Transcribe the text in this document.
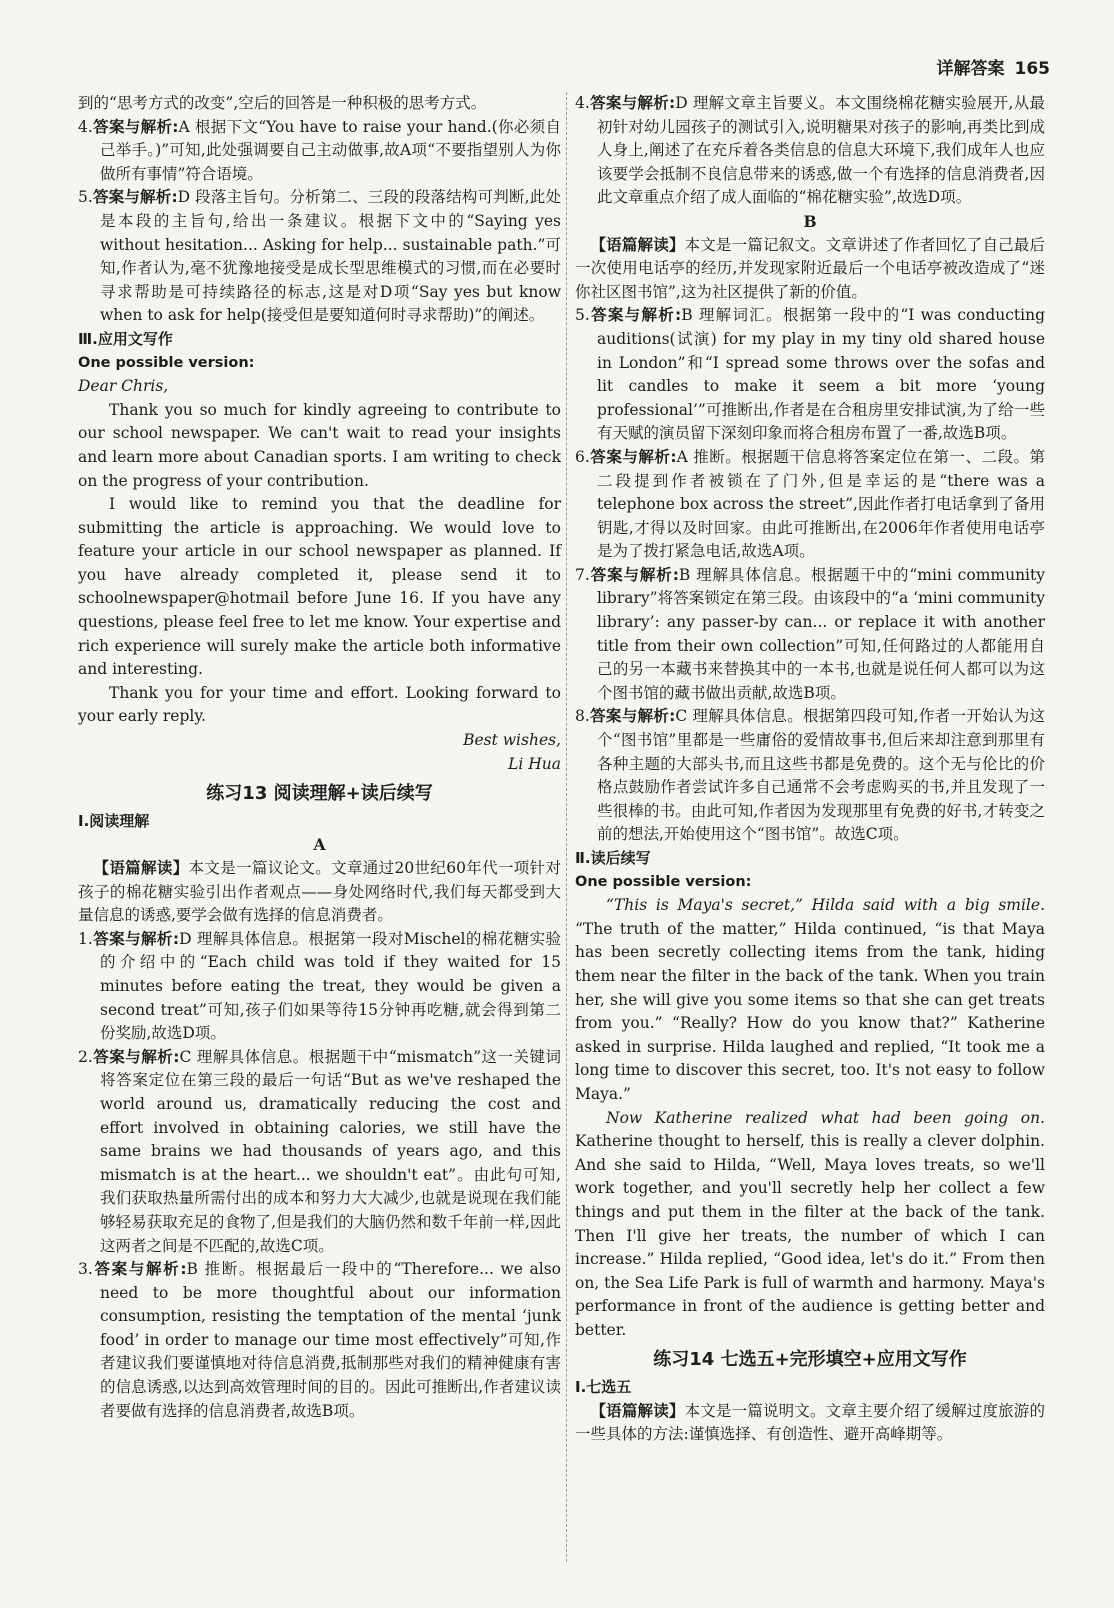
详解答案 165

到的“思考方式的改变”,空后的回答是一种积极的思考方式。

4.答案与解析:A 根据下文“You have to raise your hand.(你必须自己举手。)”可知,此处强调要自己主动做事,故A项“不要指望别人为你做所有事情”符合语境。

5.答案与解析:D 段落主旨句。分析第二、三段的段落结构可判断,此处是本段的主旨句,给出一条建议。根据下文中的“Saying yes without hesitation... Asking for help... sustainable path.”可知,作者认为,毫不犹豫地接受是成长型思维模式的习惯,而在必要时寻求帮助是可持续路径的标志,这是对D项“Say yes but know when to ask for help(接受但是要知道何时寻求帮助)”的阐述。

Ⅲ.应用文写作

One possible version:

Dear Chris,

Thank you so much for kindly agreeing to contribute to our school newspaper. We can't wait to read your insights and learn more about Canadian sports. I am writing to check on the progress of your contribution.

I would like to remind you that the deadline for submitting the article is approaching. We would love to feature your article in our school newspaper as planned. If you have already completed it, please send it to schoolnewspaper@hotmail before June 16. If you have any questions, please feel free to let me know. Your expertise and rich experience will surely make the article both informative and interesting.

Thank you for your time and effort. Looking forward to your early reply.

Best wishes,

Li Hua

练习13 阅读理解+读后续写

Ⅰ.阅读理解

A

【语篇解读】本文是一篇议论文。文章通过20世纪60年代一项针对孩子的棉花糖实验引出作者观点——身处网络时代,我们每天都受到大量信息的诱惑,要学会做有选择的信息消费者。

1.答案与解析:D 理解具体信息。根据第一段对Mischel的棉花糖实验的介绍中的“Each child was told if they waited for 15 minutes before eating the treat, they would be given a second treat”可知,孩子们如果等待15分钟再吃糖,就会得到第二份奖励,故选D项。

2.答案与解析:C 理解具体信息。根据题干中“mismatch”这一关键词将答案定位在第三段的最后一句话“But as we've reshaped the world around us, dramatically reducing the cost and effort involved in obtaining calories, we still have the same brains we had thousands of years ago, and this mismatch is at the heart... we shouldn't eat”。由此句可知,我们获取热量所需付出的成本和努力大大减少,也就是说现在我们能够轻易获取充足的食物了,但是我们的大脑仍然和数千年前一样,因此这两者之间是不匹配的,故选C项。

3.答案与解析:B 推断。根据最后一段中的“Therefore... we also need to be more thoughtful about our information consumption, resisting the temptation of the mental ‘junk food’ in order to manage our time most effectively”可知,作者建议我们要谨慎地对待信息消费,抵制那些对我们的精神健康有害的信息诱惑,以达到高效管理时间的目的。因此可推断出,作者建议读者要做有选择的信息消费者,故选B项。

4.答案与解析:D 理解文章主旨要义。本文围绕棉花糖实验展开,从最初针对幼儿园孩子的测试引入,说明糖果对孩子的影响,再类比到成人身上,阐述了在充斥着各类信息的信息大环境下,我们成年人也应该要学会抵制不良信息带来的诱惑,做一个有选择的信息消费者,因此文章重点介绍了成人面临的“棉花糖实验”,故选D项。

B

【语篇解读】本文是一篇记叙文。文章讲述了作者回忆了自己最后一次使用电话亭的经历,并发现家附近最后一个电话亭被改造成了“迷你社区图书馆”,这为社区提供了新的价值。

5.答案与解析:B 理解词汇。根据第一段中的“I was conducting auditions(试演) for my play in my tiny old shared house in London”和“I spread some throws over the sofas and lit candles to make it seem a bit more ‘young professional’”可推断出,作者是在合租房里安排试演,为了给一些有天赋的演员留下深刻印象而将合租房布置了一番,故选B项。

6.答案与解析:A 推断。根据题干信息将答案定位在第一、二段。第二段提到作者被锁在了门外,但是幸运的是“there was a telephone box across the street”,因此作者打电话拿到了备用钥匙,才得以及时回家。由此可推断出,在2006年作者使用电话亭是为了拨打紧急电话,故选A项。

7.答案与解析:B 理解具体信息。根据题干中的“mini community library”将答案锁定在第三段。由该段中的“a ‘mini community library’: any passer-by can... or replace it with another title from their own collection”可知,任何路过的人都能用自己的另一本藏书来替换其中的一本书,也就是说任何人都可以为这个图书馆的藏书做出贡献,故选B项。

8.答案与解析:C 理解具体信息。根据第四段可知,作者一开始认为这个“图书馆”里都是一些庸俗的爱情故事书,但后来却注意到那里有各种主题的大部头书,而且这些书都是免费的。这个无与伦比的价格点鼓励作者尝试许多自己通常不会考虑购买的书,并且发现了一些很棒的书。由此可知,作者因为发现那里有免费的好书,才转变之前的想法,开始使用这个“图书馆”。故选C项。

Ⅱ.读后续写

One possible version:

“This is Maya's secret,” Hilda said with a big smile. “The truth of the matter,” Hilda continued, “is that Maya has been secretly collecting items from the tank, hiding them near the filter in the back of the tank. When you train her, she will give you some items so that she can get treats from you.” “Really? How do you know that?” Katherine asked in surprise. Hilda laughed and replied, “It took me a long time to discover this secret, too. It's not easy to follow Maya.”

Now Katherine realized what had been going on. Katherine thought to herself, this is really a clever dolphin. And she said to Hilda, “Well, Maya loves treats, so we'll work together, and you'll secretly help her collect a few things and put them in the filter at the back of the tank. Then I'll give her treats, the number of which I can increase.” Hilda replied, “Good idea, let's do it.” From then on, the Sea Life Park is full of warmth and harmony. Maya's performance in front of the audience is getting better and better.

练习14 七选五+完形填空+应用文写作

Ⅰ.七选五

【语篇解读】本文是一篇说明文。文章主要介绍了缓解过度旅游的一些具体的方法:谨慎选择、有创造性、避开高峰期等。
